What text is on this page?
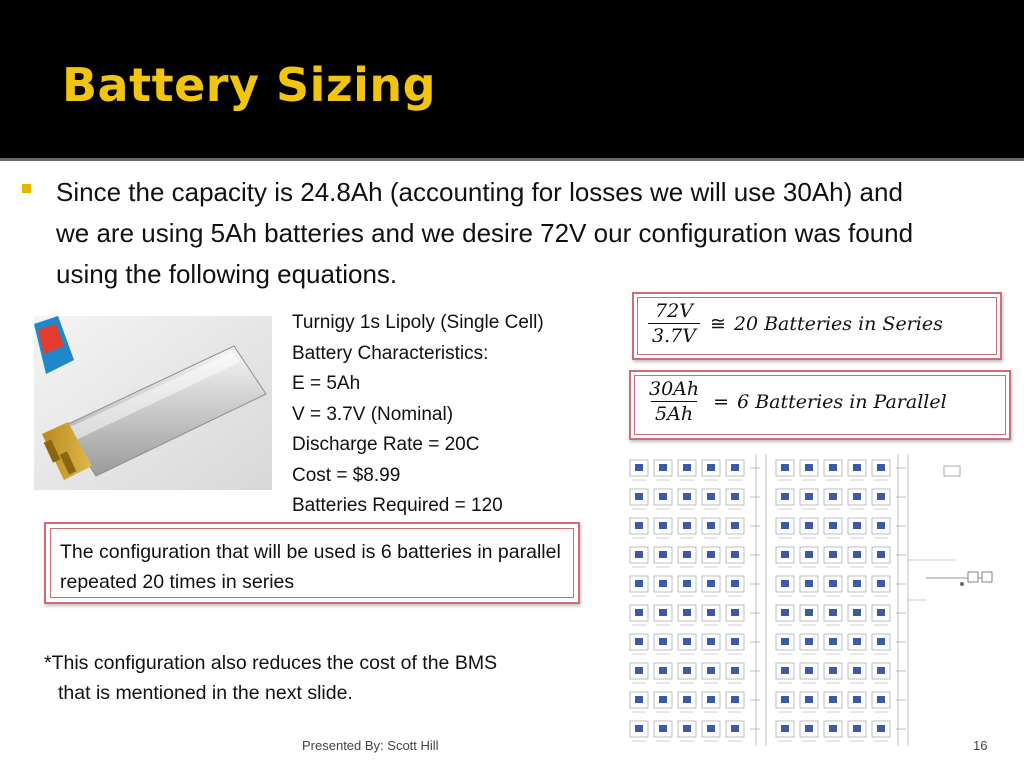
Battery Sizing
Since the capacity is 24.8Ah (accounting for losses we will use 30Ah) and we are using 5Ah batteries and we desire 72V our configuration was found using the following equations.
Turnigy 1s Lipoly (Single Cell)
Battery Characteristics:
E = 5Ah
V = 3.7V (Nominal)
Discharge Rate = 20C
Cost = $8.99
Batteries Required = 120
$\frac{72V}{3.7V}$ ≅ 20 Batteries in Series
$\frac{30Ah}{5Ah} = 6$ Batteries in Parallel
The configuration that will be used is 6 batteries in parallel repeated 20 times in series
*This configuration also reduces the cost of the BMS
that is mentioned in the next slide.
Presented By: Scott Hill	16
